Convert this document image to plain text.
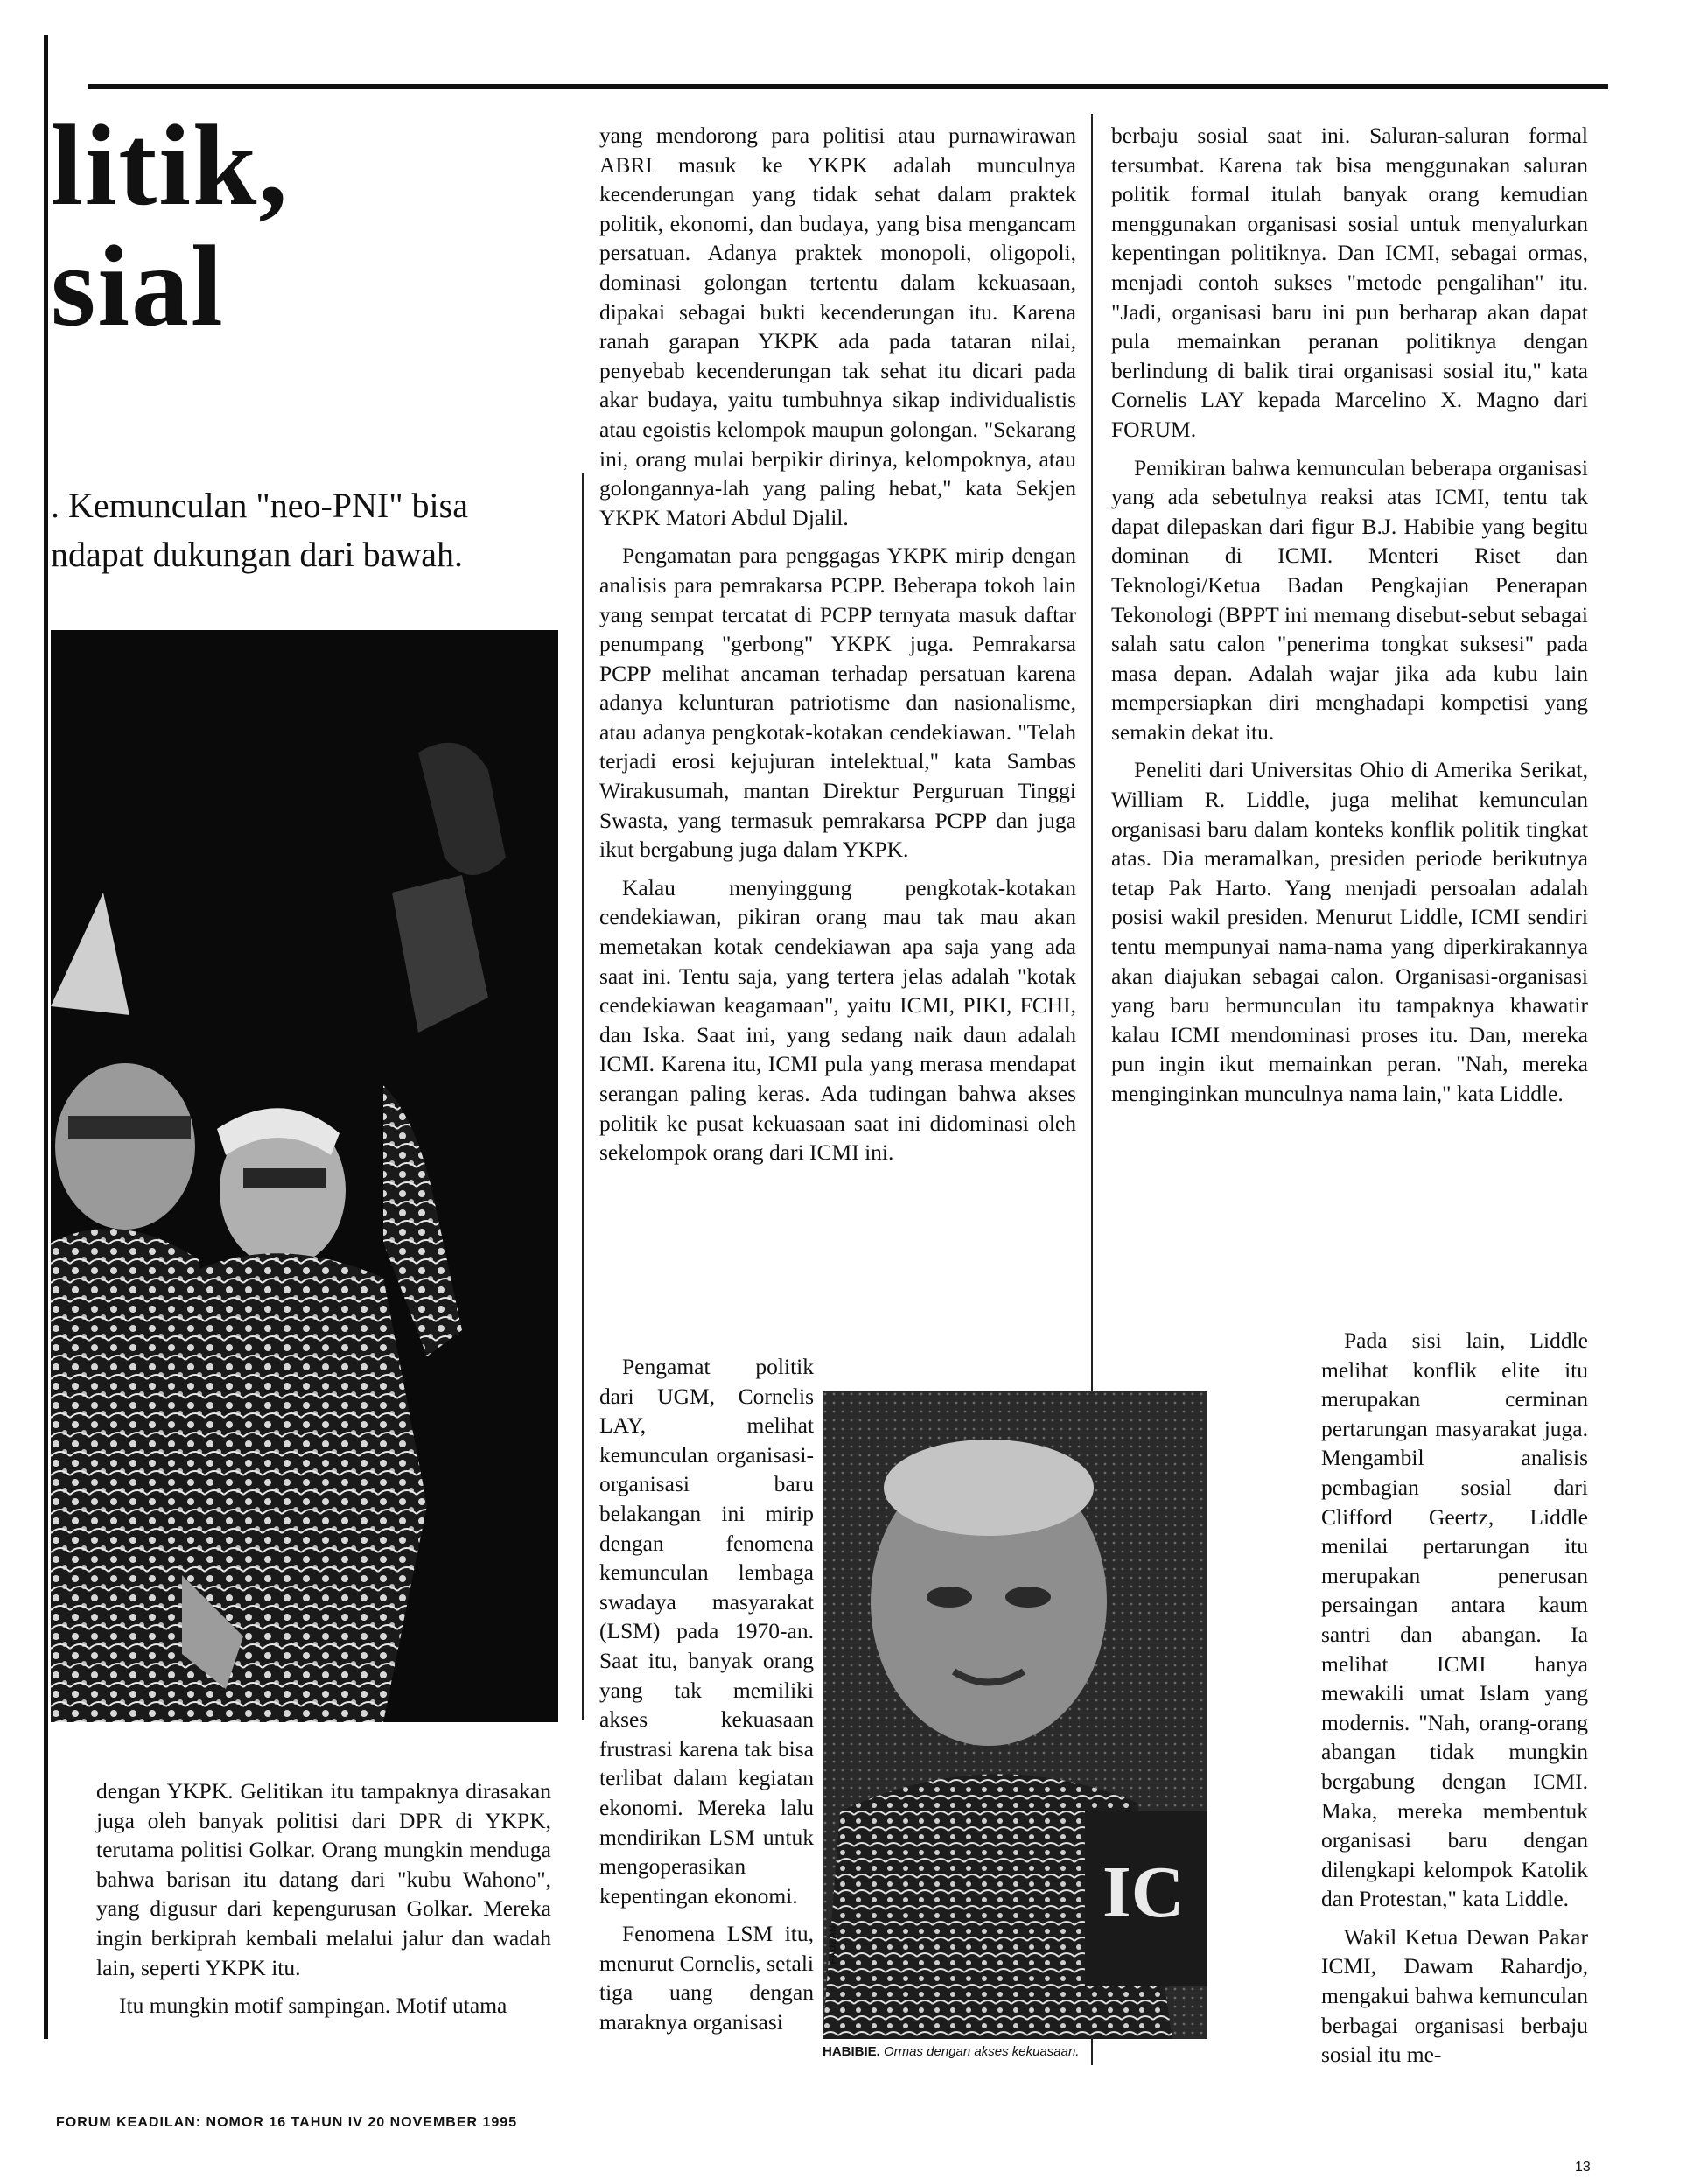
litik,
sial
. Kemunculan "neo-PNI" bisa
ndapat dukungan dari bawah.

dengan YKPK. Gelitikan itu tampaknya dirasakan juga oleh banyak politisi dari DPR di YKPK, terutama politisi Golkar. Orang mungkin menduga bahwa barisan itu datang dari "kubu Wahono", yang digusur dari kepengurusan Golkar. Mereka ingin berkiprah kembali melalui jalur dan wadah lain, seperti YKPK itu.

Itu mungkin motif sampingan. Motif utama

yang mendorong para politisi atau purnawirawan ABRI masuk ke YKPK adalah munculnya kecenderungan yang tidak sehat dalam praktek politik, ekonomi, dan budaya, yang bisa mengancam persatuan. Adanya praktek monopoli, oligopoli, dominasi golongan tertentu dalam kekuasaan, dipakai sebagai bukti kecenderungan itu. Karena ranah garapan YKPK ada pada tataran nilai, penyebab kecenderungan tak sehat itu dicari pada akar budaya, yaitu tumbuhnya sikap individualistis atau egoistis kelompok maupun golongan. "Sekarang ini, orang mulai berpikir dirinya, kelompoknya, atau golongannya-lah yang paling hebat," kata Sekjen YKPK Matori Abdul Djalil.

Pengamatan para penggagas YKPK mirip dengan analisis para pemrakarsa PCPP. Beberapa tokoh lain yang sempat tercatat di PCPP ternyata masuk daftar penumpang "gerbong" YKPK juga. Pemrakarsa PCPP melihat ancaman terhadap persatuan karena adanya kelunturan patriotisme dan nasionalisme, atau adanya pengkotak-kotakan cendekiawan. "Telah terjadi erosi kejujuran intelektual," kata Sambas Wirakusumah, mantan Direktur Perguruan Tinggi Swasta, yang termasuk pemrakarsa PCPP dan juga ikut bergabung juga dalam YKPK.

Kalau menyinggung pengkotak-kotakan cendekiawan, pikiran orang mau tak mau akan memetakan kotak cendekiawan apa saja yang ada saat ini. Tentu saja, yang tertera jelas adalah "kotak cendekiawan keagamaan", yaitu ICMI, PIKI, FCHI, dan Iska. Saat ini, yang sedang naik daun adalah ICMI. Karena itu, ICMI pula yang merasa mendapat serangan paling keras. Ada tudingan bahwa akses politik ke pusat kekuasaan saat ini didominasi oleh sekelompok orang dari ICMI ini.

Pengamat politik dari UGM, Cornelis LAY, melihat kemunculan organisasi-organisasi baru belakangan ini mirip dengan fenomena kemunculan lembaga swadaya masyarakat (LSM) pada 1970-an. Saat itu, banyak orang yang tak memiliki akses kekuasaan frustrasi karena tak bisa terlibat dalam kegiatan ekonomi. Mereka lalu mendirikan LSM untuk mengoperasikan kepentingan ekonomi.

Fenomena LSM itu, menurut Cornelis, setali tiga uang dengan maraknya organisasi

berbaju sosial saat ini. Saluran-saluran formal tersumbat. Karena tak bisa menggunakan saluran politik formal itulah banyak orang kemudian menggunakan organisasi sosial untuk menyalurkan kepentingan politiknya. Dan ICMI, sebagai ormas, menjadi contoh sukses "metode pengalihan" itu. "Jadi, organisasi baru ini pun berharap akan dapat pula memainkan peranan politiknya dengan berlindung di balik tirai organisasi sosial itu," kata Cornelis LAY kepada Marcelino X. Magno dari FORUM.

Pemikiran bahwa kemunculan beberapa organisasi yang ada sebetulnya reaksi atas ICMI, tentu tak dapat dilepaskan dari figur B.J. Habibie yang begitu dominan di ICMI. Menteri Riset dan Teknologi/Ketua Badan Pengkajian Penerapan Tekonologi (BPPT ini memang disebut-sebut sebagai salah satu calon "penerima tongkat suksesi" pada masa depan. Adalah wajar jika ada kubu lain mempersiapkan diri menghadapi kompetisi yang semakin dekat itu.

Peneliti dari Universitas Ohio di Amerika Serikat, William R. Liddle, juga melihat kemunculan organisasi baru dalam konteks konflik politik tingkat atas. Dia meramalkan, presiden periode berikutnya tetap Pak Harto. Yang menjadi persoalan adalah posisi wakil presiden. Menurut Liddle, ICMI sendiri tentu mempunyai nama-nama yang diperkirakannya akan diajukan sebagai calon. Organisasi-organisasi yang baru bermunculan itu tampaknya khawatir kalau ICMI mendominasi proses itu. Dan, mereka pun ingin ikut memainkan peran. "Nah, mereka menginginkan munculnya nama lain," kata Liddle.

Pada sisi lain, Liddle melihat konflik elite itu merupakan cerminan pertarungan masyarakat juga. Mengambil analisis pembagian sosial dari Clifford Geertz, Liddle menilai pertarungan itu merupakan penerusan persaingan antara kaum santri dan abangan. Ia melihat ICMI hanya mewakili umat Islam yang modernis. "Nah, orang-orang abangan tidak mungkin bergabung dengan ICMI. Maka, mereka membentuk organisasi baru dengan dilengkapi kelompok Katolik dan Protestan," kata Liddle.

Wakil Ketua Dewan Pakar ICMI, Dawam Rahardjo, mengakui bahwa kemunculan berbagai organisasi berbaju sosial itu me-

IC
FAUZAN
HABIBIE. Ormas dengan akses kekuasaan.
FORUM KEADILAN: NOMOR 16 TAHUN IV 20 NOVEMBER 1995
13
